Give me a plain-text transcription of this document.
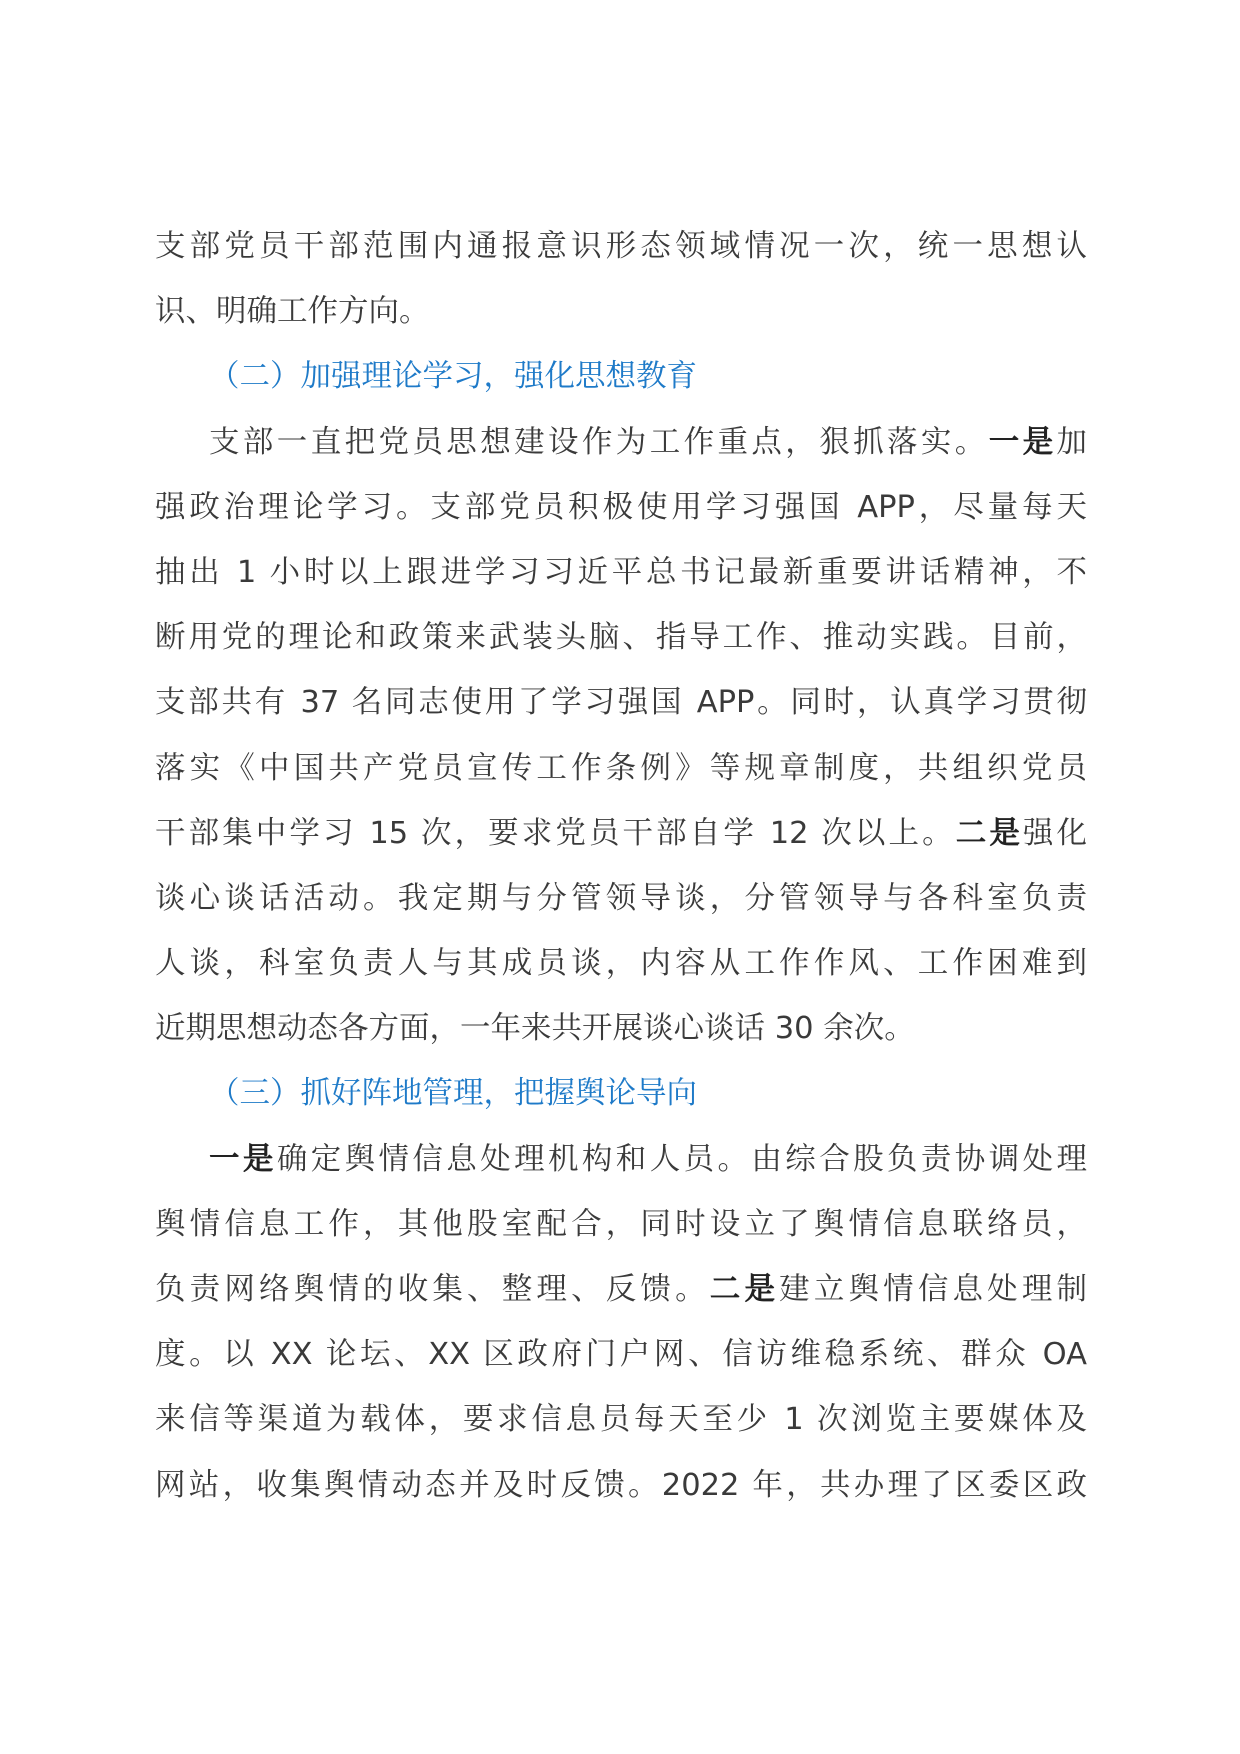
支部党员干部范围内通报意识形态领域情况一次，统一思想认
识、明确工作方向。
（二）加强理论学习，强化思想教育
支部一直把党员思想建设作为工作重点，狠抓落实。一是加
强政治理论学习。支部党员积极使用学习强国 APP，尽量每天
抽出 1 小时以上跟进学习习近平总书记最新重要讲话精神，不
断用党的理论和政策来武装头脑、指导工作、推动实践。目前，
支部共有 37 名同志使用了学习强国 APP。同时，认真学习贯彻
落实《中国共产党员宣传工作条例》等规章制度，共组织党员
干部集中学习 15 次，要求党员干部自学 12 次以上。二是强化
谈心谈话活动。我定期与分管领导谈，分管领导与各科室负责
人谈，科室负责人与其成员谈，内容从工作作风、工作困难到
近期思想动态各方面，一年来共开展谈心谈话 30 余次。
（三）抓好阵地管理，把握舆论导向
一是确定舆情信息处理机构和人员。由综合股负责协调处理
舆情信息工作，其他股室配合，同时设立了舆情信息联络员，
负责网络舆情的收集、整理、反馈。二是建立舆情信息处理制
度。以 XX 论坛、XX 区政府门户网、信访维稳系统、群众 OA
来信等渠道为载体，要求信息员每天至少 1 次浏览主要媒体及
网站，收集舆情动态并及时反馈。2022 年，共办理了区委区政
